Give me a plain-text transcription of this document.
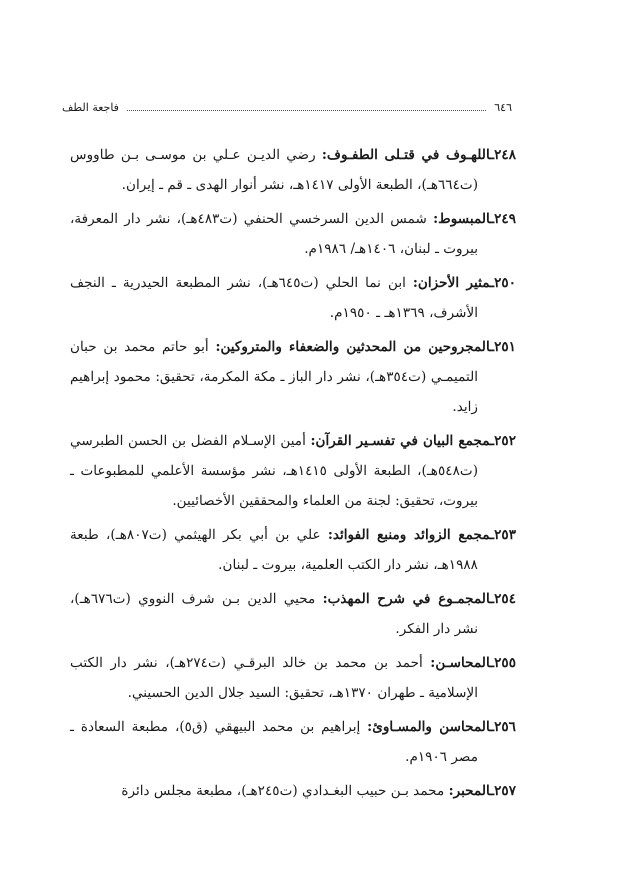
٦٤٦
فاجعة الطف

٢٤٨ـاللهـوف في قتـلى الطفـوف: رضي الديـن عـلي بن موسـى بـن طاووس (ت٦٦٤هـ)، الطبعة الأولى ١٤١٧هـ، نشر أنوار الهدى ـ قم ـ إيران.

٢٤٩ـالمبسوط: شمس الدين السرخسي الحنفي (ت٤٨٣هـ)، نشر دار المعرفة، بيروت ـ لبنان، ١٤٠٦هـ/ ١٩٨٦م.

٢٥٠ـمثير الأحزان: ابن نما الحلي (ت٦٤٥هـ)، نشر المطبعة الحيدرية ـ النجف الأشرف، ١٣٦٩هـ ـ ١٩٥٠م.

٢٥١ـالمجروحين من المحدثين والضعفاء والمتروكين: أبو حاتم محمد بن حبان التميمـي (ت٣٥٤هـ)، نشر دار الباز ـ مكة المكرمة، تحقيق: محمود إبراهيم زايد.

٢٥٢ـمجمع البيان في تفسـير القرآن: أمين الإسـلام الفضل بن الحسن الطبرسي (ت٥٤٨هـ)، الطبعة الأولى ١٤١٥هـ، نشر مؤسسة الأعلمي للمطبوعات ـ بيروت، تحقيق: لجنة من العلماء والمحققين الأخصائيين.

٢٥٣ـمجمع الزوائد ومنبع الفوائد: علي بن أبي بكر الهيثمي (ت٨٠٧هـ)، طبعة ١٩٨٨هـ، نشر دار الكتب العلمية، بيروت ـ لبنان.

٢٥٤ـالمجمـوع في شرح المهذب: محيي الدين بـن شرف النووي (ت٦٧٦هـ)، نشر دار الفكر.

٢٥٥ـالمحاسـن: أحمد بن محمد بن خالد البرقـي (ت٢٧٤هـ)، نشر دار الكتب الإسلامية ـ طهران ١٣٧٠هـ، تحقيق: السيد جلال الدين الحسيني.

٢٥٦ـالمحاسن والمسـاوئ: إبراهيم بن محمد البيهقي (ق٥)، مطبعة السعادة ـ مصر ١٩٠٦م.

٢٥٧ـالمحبر: محمد بـن حبيب البغـدادي (ت٢٤٥هـ)، مطبعة مجلس دائرة
